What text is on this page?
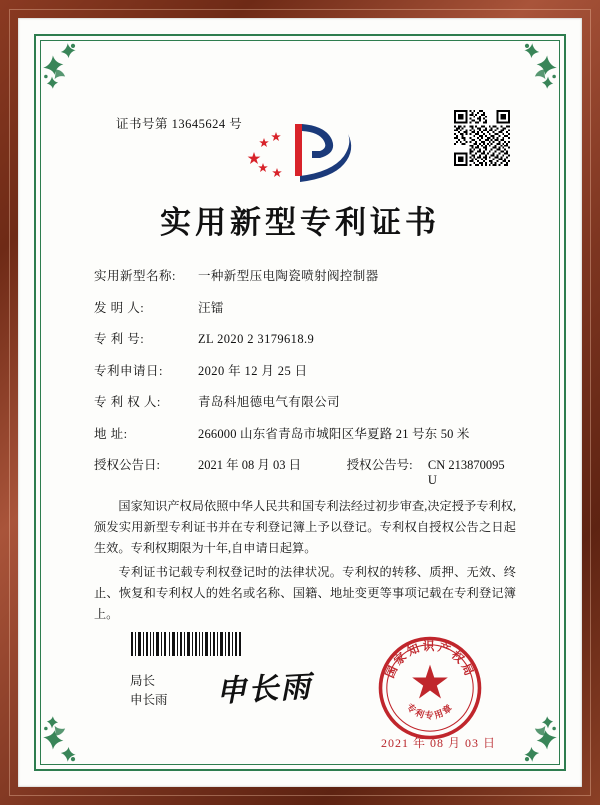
证书号第 13645624 号
实用新型专利证书
实用新型名称:	一种新型压电陶瓷喷射阀控制器
发 明 人:	汪镭
专 利 号:	ZL 2020 2 3179618.9
专利申请日:	2020 年 12 月 25 日
专 利 权 人:	青岛科旭德电气有限公司
地 址:	266000 山东省青岛市城阳区华夏路 21 号东 50 米
授权公告日:	2021 年 08 月 03 日	授权公告号:	CN 213870095 U

国家知识产权局依照中华人民共和国专利法经过初步审查,决定授予专利权,颁发实用新型专利证书并在专利登记簿上予以登记。专利权自授权公告之日起生效。专利权期限为十年,自申请日起算。

专利证书记载专利权登记时的法律状况。专利权的转移、质押、无效、终止、恢复和专利权人的姓名或名称、国籍、地址变更等事项记载在专利登记簿上。

局长
申长雨 申长雨	国家知识产权局
专利专用章
2021 年 08 月 03 日
